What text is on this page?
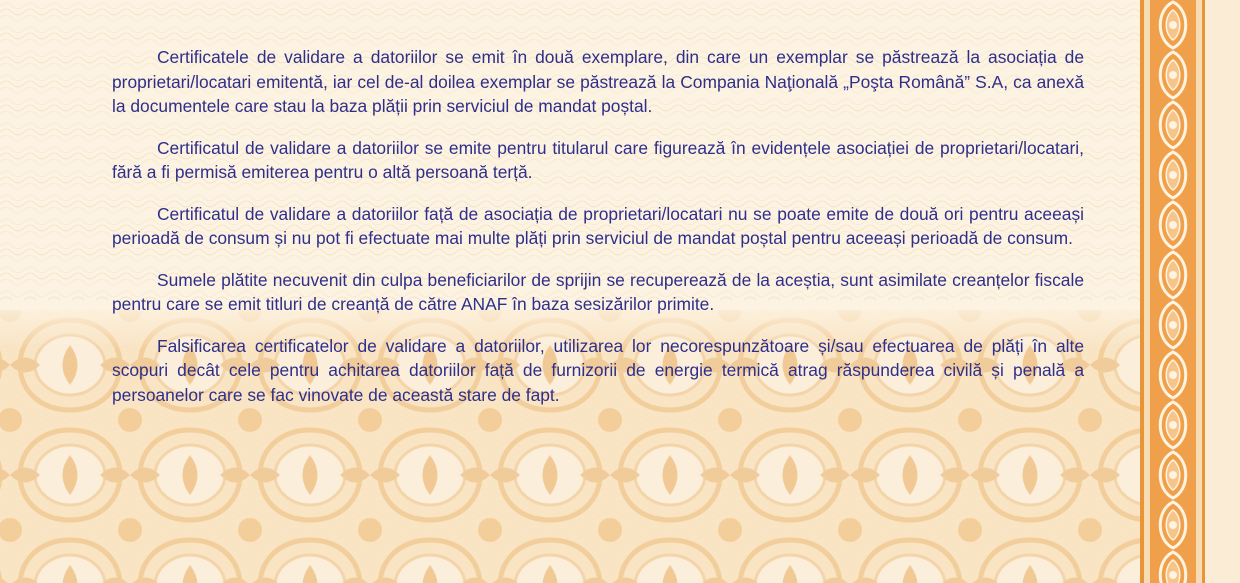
Certificatele de validare a datoriilor se emit în două exemplare, din care un exemplar se păstrează la asociația de proprietari/locatari emitentă, iar cel de-al doilea exemplar se păstrează la Compania Naţională „Poşta Română” S.A, ca anexă la documentele care stau la baza plății prin serviciul de mandat poștal.

Certificatul de validare a datoriilor se emite pentru titularul care figurează în evidențele asociației de proprietari/locatari, fără a fi permisă emiterea pentru o altă persoană terță.

Certificatul de validare a datoriilor față de asociația de proprietari/locatari nu se poate emite de două ori pentru aceeași perioadă de consum și nu pot fi efectuate mai multe plăți prin serviciul de mandat poștal pentru aceeași perioadă de consum.

Sumele plătite necuvenit din culpa beneficiarilor de sprijin se recuperează de la aceștia, sunt asimilate creanțelor fiscale pentru care se emit titluri de creanță de către ANAF în baza sesizărilor primite.

Falsificarea certificatelor de validare a datoriilor, utilizarea lor necorespunzătoare și/sau efectuarea de plăți în alte scopuri decât cele pentru achitarea datoriilor față de furnizorii de energie termică atrag răspunderea civilă și penală a persoanelor care se fac vinovate de această stare de fapt.
